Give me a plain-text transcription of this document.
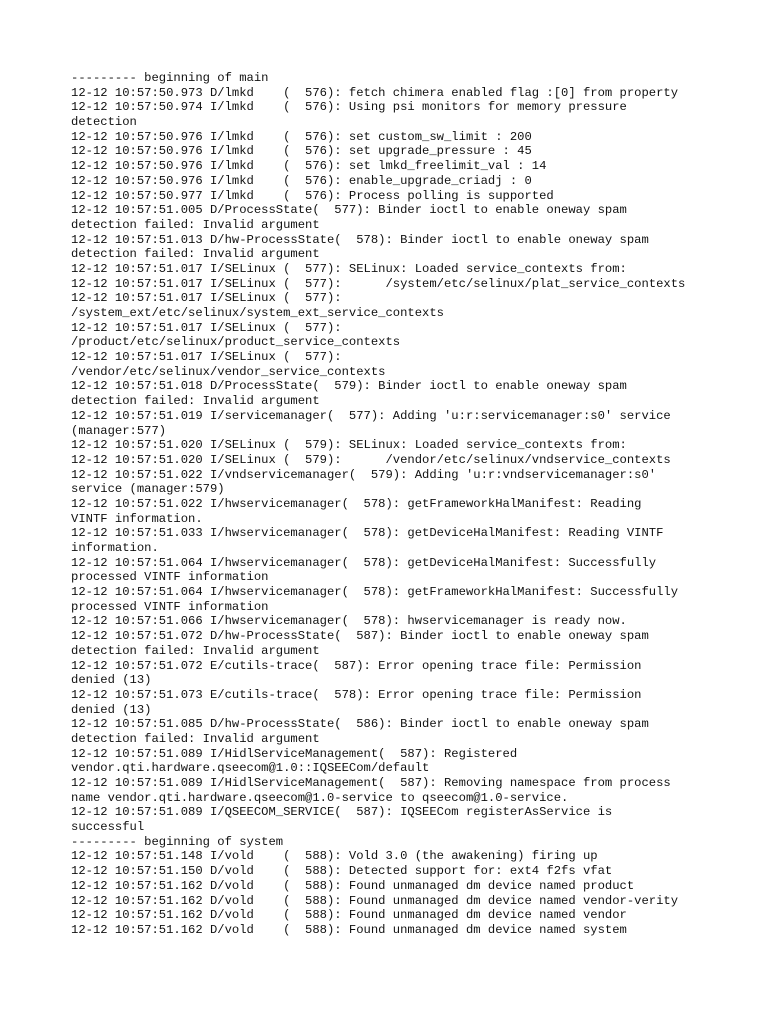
--------- beginning of main
12-12 10:57:50.973 D/lmkd    (  576): fetch chimera enabled flag :[0] from property
12-12 10:57:50.974 I/lmkd    (  576): Using psi monitors for memory pressure
detection
12-12 10:57:50.976 I/lmkd    (  576): set custom_sw_limit : 200
12-12 10:57:50.976 I/lmkd    (  576): set upgrade_pressure : 45
12-12 10:57:50.976 I/lmkd    (  576): set lmkd_freelimit_val : 14
12-12 10:57:50.976 I/lmkd    (  576): enable_upgrade_criadj : 0
12-12 10:57:50.977 I/lmkd    (  576): Process polling is supported
12-12 10:57:51.005 D/ProcessState(  577): Binder ioctl to enable oneway spam
detection failed: Invalid argument
12-12 10:57:51.013 D/hw-ProcessState(  578): Binder ioctl to enable oneway spam
detection failed: Invalid argument
12-12 10:57:51.017 I/SELinux (  577): SELinux: Loaded service_contexts from:
12-12 10:57:51.017 I/SELinux (  577):      /system/etc/selinux/plat_service_contexts
12-12 10:57:51.017 I/SELinux (  577):
/system_ext/etc/selinux/system_ext_service_contexts
12-12 10:57:51.017 I/SELinux (  577):
/product/etc/selinux/product_service_contexts
12-12 10:57:51.017 I/SELinux (  577):
/vendor/etc/selinux/vendor_service_contexts
12-12 10:57:51.018 D/ProcessState(  579): Binder ioctl to enable oneway spam
detection failed: Invalid argument
12-12 10:57:51.019 I/servicemanager(  577): Adding 'u:r:servicemanager:s0' service
(manager:577)
12-12 10:57:51.020 I/SELinux (  579): SELinux: Loaded service_contexts from:
12-12 10:57:51.020 I/SELinux (  579):      /vendor/etc/selinux/vndservice_contexts
12-12 10:57:51.022 I/vndservicemanager(  579): Adding 'u:r:vndservicemanager:s0'
service (manager:579)
12-12 10:57:51.022 I/hwservicemanager(  578): getFrameworkHalManifest: Reading
VINTF information.
12-12 10:57:51.033 I/hwservicemanager(  578): getDeviceHalManifest: Reading VINTF
information.
12-12 10:57:51.064 I/hwservicemanager(  578): getDeviceHalManifest: Successfully
processed VINTF information
12-12 10:57:51.064 I/hwservicemanager(  578): getFrameworkHalManifest: Successfully
processed VINTF information
12-12 10:57:51.066 I/hwservicemanager(  578): hwservicemanager is ready now.
12-12 10:57:51.072 D/hw-ProcessState(  587): Binder ioctl to enable oneway spam
detection failed: Invalid argument
12-12 10:57:51.072 E/cutils-trace(  587): Error opening trace file: Permission
denied (13)
12-12 10:57:51.073 E/cutils-trace(  578): Error opening trace file: Permission
denied (13)
12-12 10:57:51.085 D/hw-ProcessState(  586): Binder ioctl to enable oneway spam
detection failed: Invalid argument
12-12 10:57:51.089 I/HidlServiceManagement(  587): Registered
vendor.qti.hardware.qseecom@1.0::IQSEECom/default
12-12 10:57:51.089 I/HidlServiceManagement(  587): Removing namespace from process
name vendor.qti.hardware.qseecom@1.0-service to qseecom@1.0-service.
12-12 10:57:51.089 I/QSEECOM_SERVICE(  587): IQSEECom registerAsService is
successful
--------- beginning of system
12-12 10:57:51.148 I/vold    (  588): Vold 3.0 (the awakening) firing up
12-12 10:57:51.150 D/vold    (  588): Detected support for: ext4 f2fs vfat
12-12 10:57:51.162 D/vold    (  588): Found unmanaged dm device named product
12-12 10:57:51.162 D/vold    (  588): Found unmanaged dm device named vendor-verity
12-12 10:57:51.162 D/vold    (  588): Found unmanaged dm device named vendor
12-12 10:57:51.162 D/vold    (  588): Found unmanaged dm device named system
